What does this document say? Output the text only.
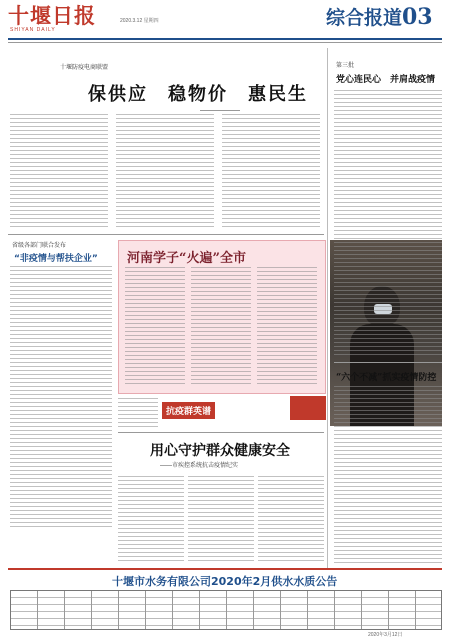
十堰日报
SHIYAN DAILY
2020.3.12 星期四	综合报道 03
十堰防疫电商联盟
保供应　稳物价　惠民生
省级各部门联合发布
“非疫情与帮扶企业” 河南学子“火遍”全市
抗疫群英谱
用心守护群众健康安全
——市疾控系统抗击疫情纪实
第三批
党心连民心　并肩战疫情
“六个不减”抓实疫情防控
十堰市水务有限公司2020年2月供水水质公告
2020年3月12日
